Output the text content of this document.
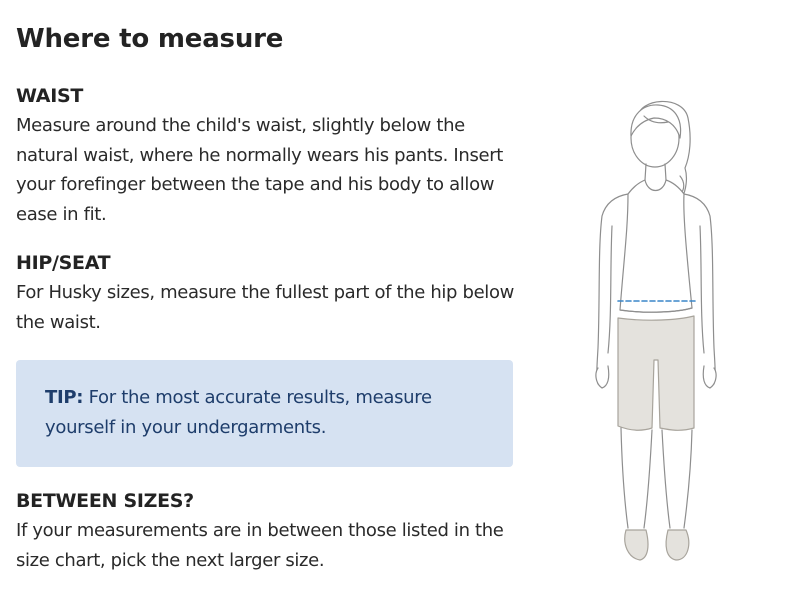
Where to measure
WAIST

Measure around the child's waist, slightly below the natural waist, where he normally wears his pants. Insert your forefinger between the tape and his body to allow ease in fit.

HIP/SEAT

For Husky sizes, measure the fullest part of the hip below the waist.

TIP: For the most accurate results, measure yourself in your undergarments.
BETWEEN SIZES?

If your measurements are in between those listed in the size chart, pick the next larger size.
